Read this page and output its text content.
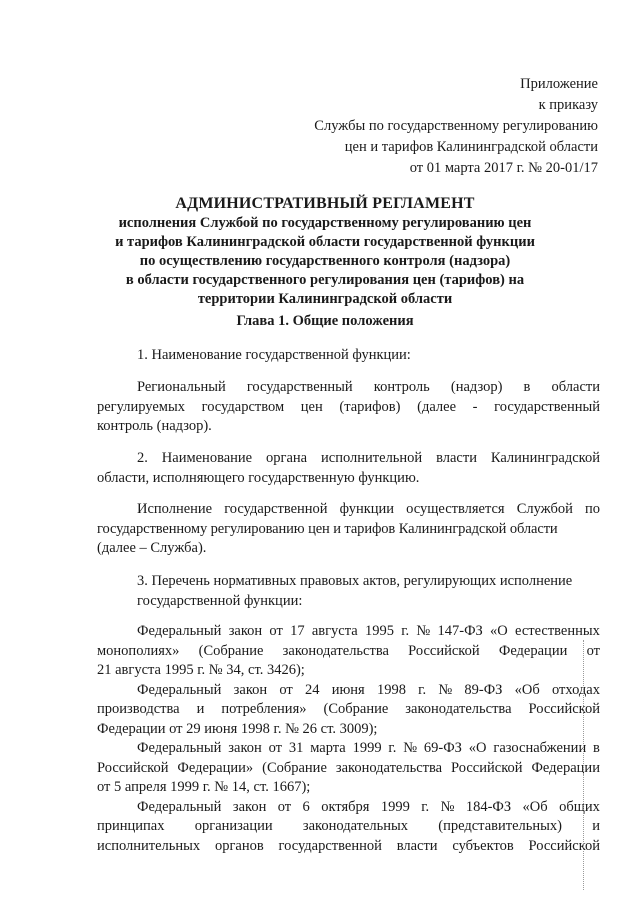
Приложение
к приказу
Службы по государственному регулированию
цен и тарифов Калининградской области
от 01 марта 2017 г. № 20-01/17
АДМИНИСТРАТИВНЫЙ РЕГЛАМЕНТ
исполнения Службой по государственному регулированию цен
и тарифов Калининградской области государственной функции
по осуществлению государственного контроля (надзора)
в области государственного регулирования цен (тарифов) на
территории Калининградской области
Глава 1. Общие положения
1. Наименование государственной функции:
Региональный государственный контроль (надзор) в области
регулируемых государством цен (тарифов) (далее - государственный
контроль (надзор).
2. Наименование органа исполнительной власти Калининградской
области, исполняющего государственную функцию.
Исполнение государственной функции осуществляется Службой по
государственному регулированию цен и тарифов Калининградской области
(далее – Служба).
3. Перечень нормативных правовых актов, регулирующих исполнение
государственной функции:
Федеральный закон от 17 августа 1995 г. № 147-ФЗ «О естественных
монополиях» (Собрание законодательства Российской Федерации от
21 августа 1995 г. № 34, ст. 3426);
Федеральный закон от 24 июня 1998 г. № 89-ФЗ «Об отходах
производства и потребления» (Собрание законодательства Российской
Федерации от 29 июня 1998 г. № 26 ст. 3009);
Федеральный закон от 31 марта 1999 г. № 69-ФЗ «О газоснабжении в
Российской Федерации» (Собрание законодательства Российской Федерации
от 5 апреля 1999 г. № 14, ст. 1667);
Федеральный закон от 6 октября 1999 г. № 184-ФЗ «Об общих
принципах организации законодательных (представительных) и
исполнительных органов государственной власти субъектов Российской
